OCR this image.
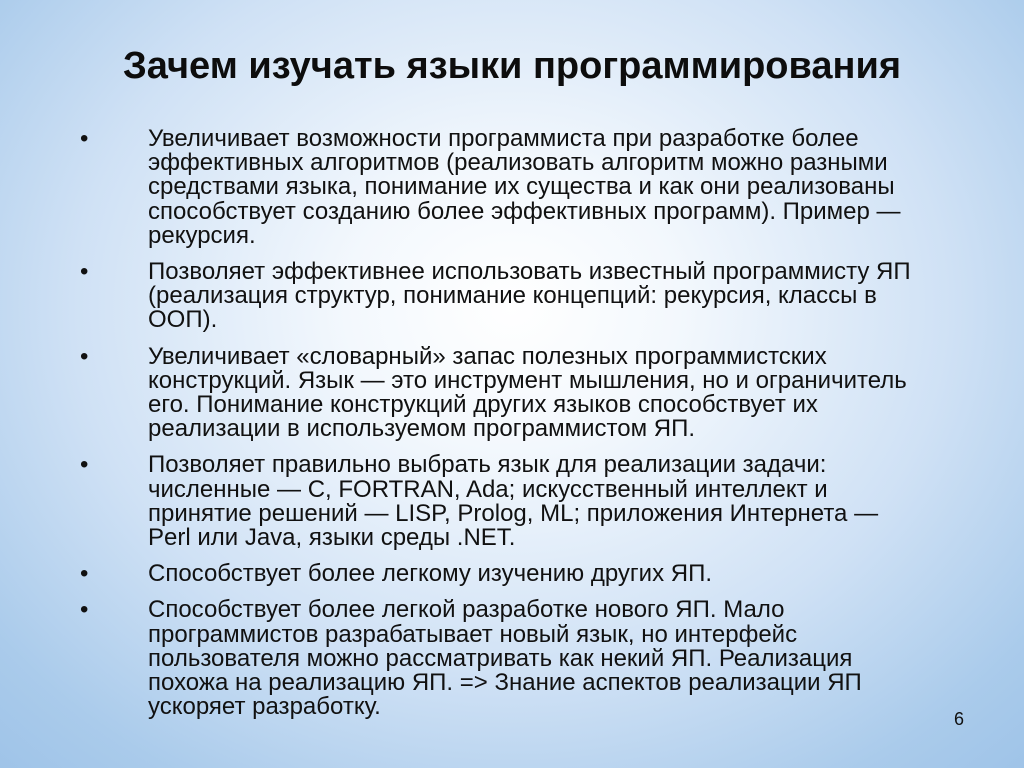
Зачем изучать языки программирования
• Увеличивает возможности программиста при разработке более
эффективных алгоритмов (реализовать алгоритм можно разными
средствами языка, понимание их существа и как они реализованы
способствует созданию более эффективных программ). Пример —
рекурсия.
• Позволяет эффективнее использовать известный программисту ЯП
(реализация структур, понимание концепций: рекурсия, классы в
ООП).
• Увеличивает «словарный» запас полезных программистских
конструкций. Язык — это инструмент мышления, но и ограничитель
его. Понимание конструкций других языков способствует их
реализации в используемом программистом ЯП.
• Позволяет правильно выбрать язык для реализации задачи:
численные — C, FORTRAN, Ada; искусственный интеллект и
принятие решений — LISP, Prolog, ML; приложения Интернета —
Perl или Java, языки среды .NET.
• Способствует более легкому изучению других ЯП.
• Способствует более легкой разработке нового ЯП. Мало
программистов разрабатывает новый язык, но интерфейс
пользователя можно рассматривать как некий ЯП. Реализация
похожа на реализацию ЯП. => Знание аспектов реализации ЯП
ускоряет разработку.	6
